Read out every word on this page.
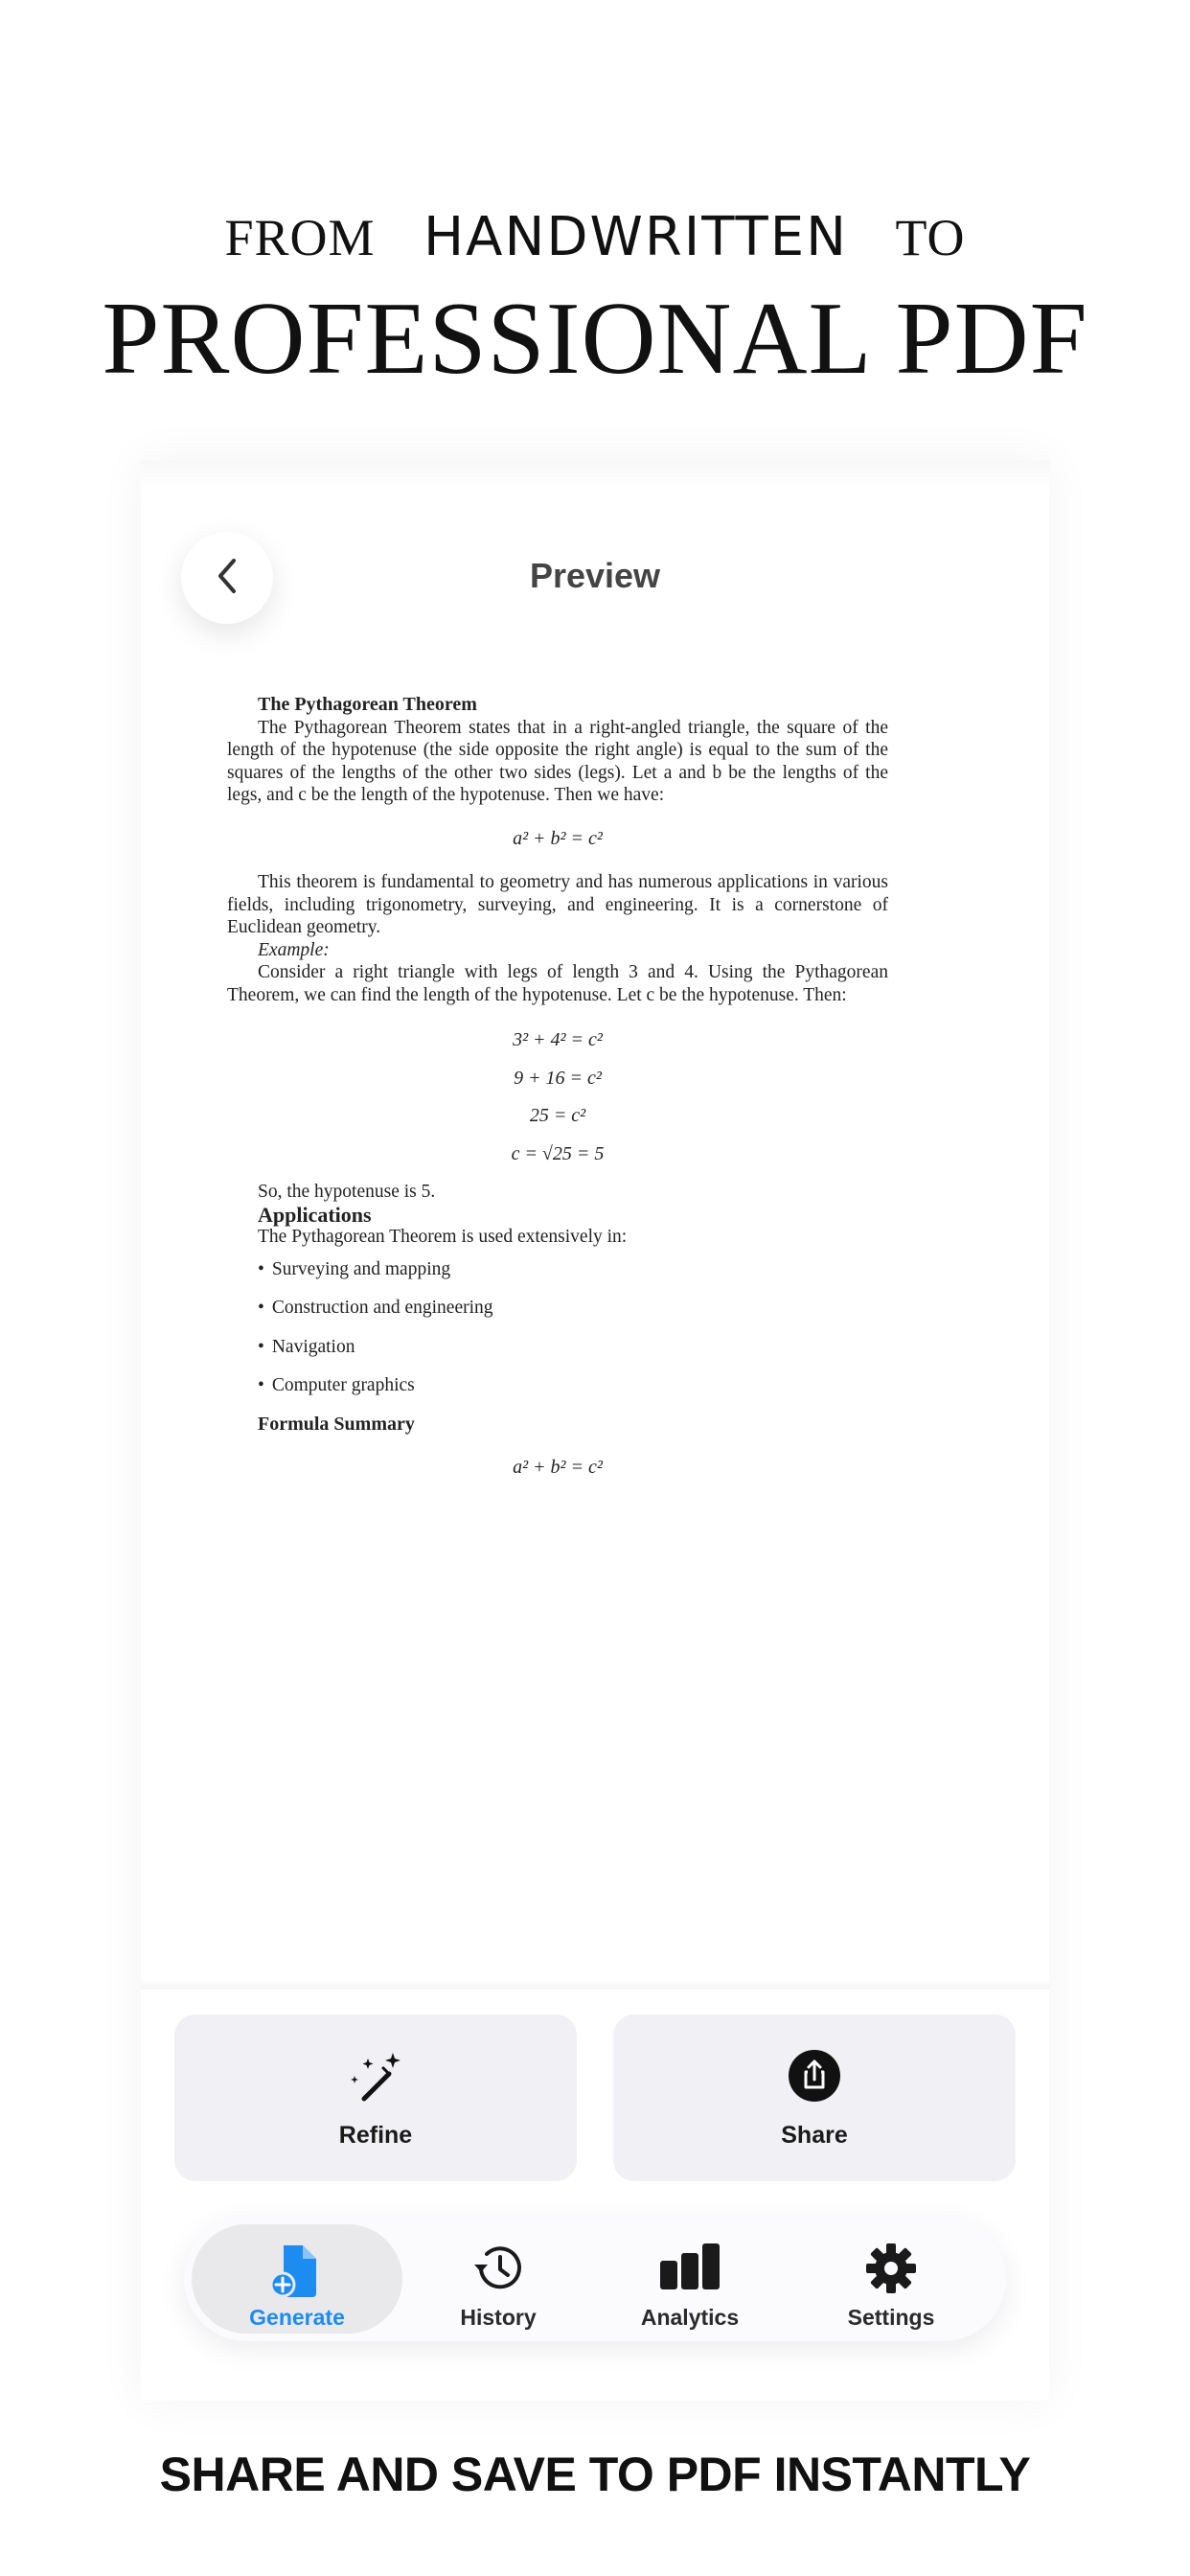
FROM HANDWRITTEN TO
PROFESSIONAL PDF
Preview

The Pythagorean Theorem

The Pythagorean Theorem states that in a right-angled triangle, the square of the length of the hypotenuse (the side opposite the right angle) is equal to the sum of the squares of the lengths of the other two sides (legs). Let a and b be the lengths of the legs, and c be the length of the hypotenuse. Then we have:

a² + b² = c²

This theorem is fundamental to geometry and has numerous applications in various fields, including trigonometry, surveying, and engineering. It is a cornerstone of Euclidean geometry.

Example:

Consider a right triangle with legs of length 3 and 4. Using the Pythagorean Theorem, we can find the length of the hypotenuse. Let c be the hypotenuse. Then:

3² + 4² = c²

9 + 16 = c²

25 = c²

c = √25 = 5

So, the hypotenuse is 5.

Applications

The Pythagorean Theorem is used extensively in:

• Surveying and mapping
• Construction and engineering
• Navigation
• Computer graphics

Formula Summary

a² + b² = c²

Refine	Share
Generate	History	Analytics	Settings
SHARE AND SAVE TO PDF INSTANTLY
